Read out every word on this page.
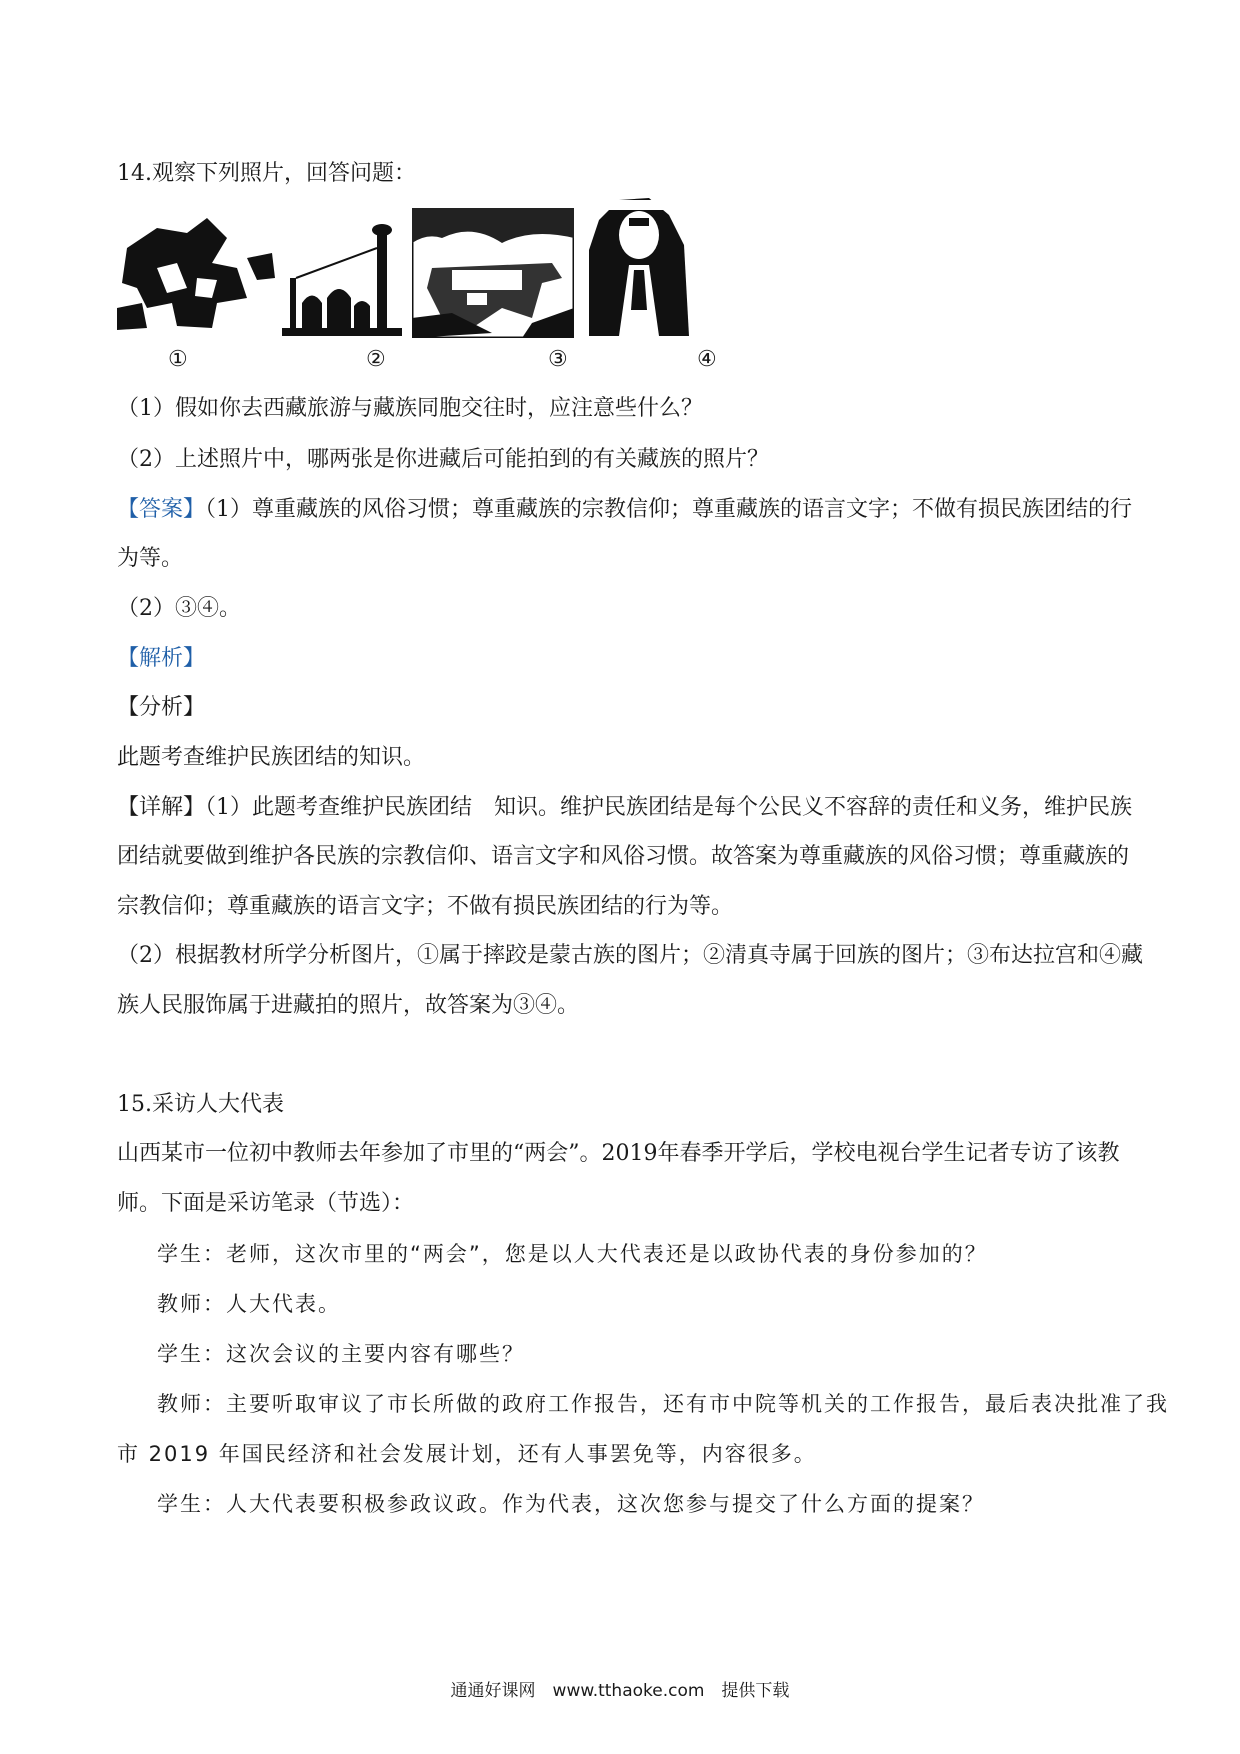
14.观察下列照片，回答问题：
①	②	③	④
（1）假如你去西藏旅游与藏族同胞交往时，应注意些什么？
（2）上述照片中，哪两张是你进藏后可能拍到的有关藏族的照片？
【答案】（1）尊重藏族的风俗习惯；尊重藏族的宗教信仰；尊重藏族的语言文字；不做有损民族团结的行
为等。
（2）③④。
【解析】
【分析】
此题考查维护民族团结的知识。
【详解】（1）此题考查维护民族团结　知识。维护民族团结是每个公民义不容辞的责任和义务，维护民族
团结就要做到维护各民族的宗教信仰、语言文字和风俗习惯。故答案为尊重藏族的风俗习惯；尊重藏族的
宗教信仰；尊重藏族的语言文字；不做有损民族团结的行为等。
（2）根据教材所学分析图片，①属于摔跤是蒙古族的图片；②清真寺属于回族的图片；③布达拉宫和④藏
族人民服饰属于进藏拍的照片，故答案为③④。
15.采访人大代表
山西某市一位初中教师去年参加了市里的“两会”。2019年春季开学后，学校电视台学生记者专访了该教
师。下面是采访笔录（节选）：
学生：老师，这次市里的“两会”，您是以人大代表还是以政协代表的身份参加的？
教师：人大代表。
学生：这次会议的主要内容有哪些？
教师：主要听取审议了市长所做的政府工作报告，还有市中院等机关的工作报告，最后表决批准了我
市 2019 年国民经济和社会发展计划，还有人事罢免等，内容很多。
学生：人大代表要积极参政议政。作为代表，这次您参与提交了什么方面的提案？
通通好课网　www.tthaoke.com　提供下载
